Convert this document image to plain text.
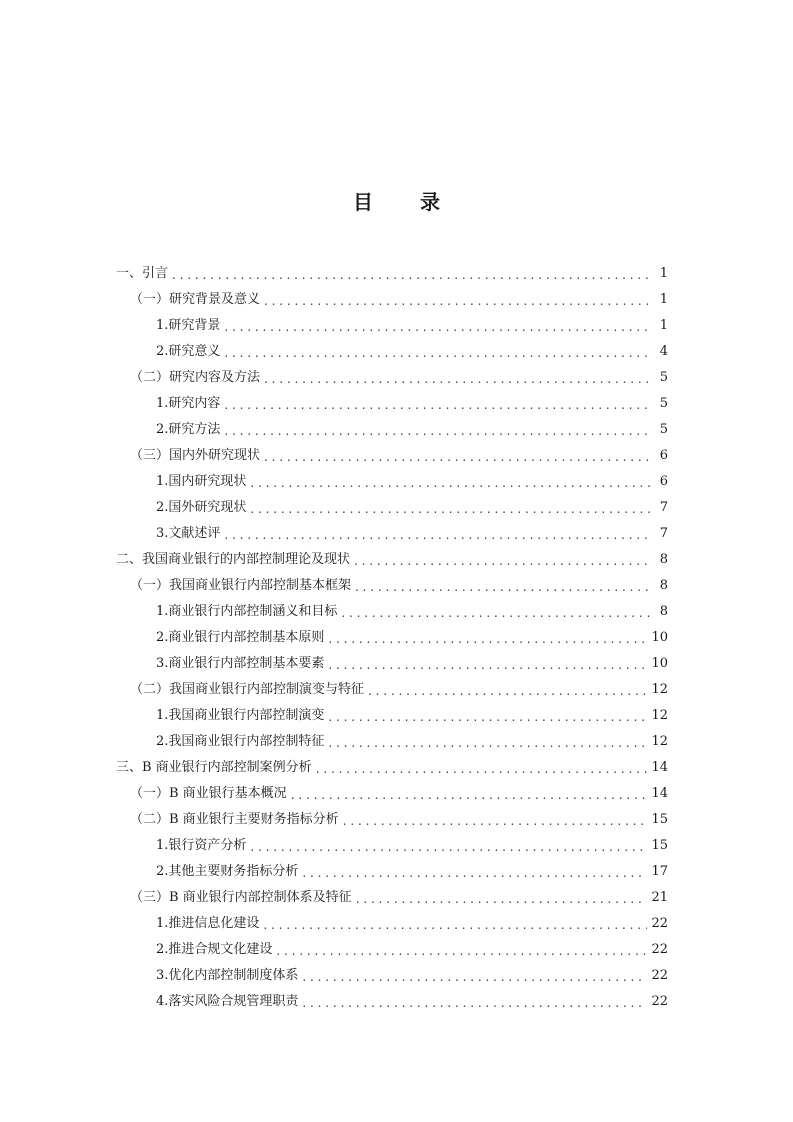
目 录
一、引言 . . .	1
（一）研究背景及意义 . . .	1
1.研究背景 . . .	1
2.研究意义 . . .	4
（二）研究内容及方法 . . .	5
1.研究内容 . . .	5
2.研究方法 . . .	5
（三）国内外研究现状 . . .	6
1.国内研究现状 . . .	6
2.国外研究现状 . . .	7
3.文献述评 . . .	7
二、我国商业银行的内部控制理论及现状 . . .	8
（一）我国商业银行内部控制基本框架 . . .	8
1.商业银行内部控制涵义和目标 . . .	8
2.商业银行内部控制基本原则 . . .	10
3.商业银行内部控制基本要素 . . .	10
（二）我国商业银行内部控制演变与特征 . . .	12
1.我国商业银行内部控制演变 . . .	12
2.我国商业银行内部控制特征 . . .	12
三、B 商业银行内部控制案例分析 . . .	14
（一）B 商业银行基本概况 . . .	14
（二）B 商业银行主要财务指标分析 . . .	15
1.银行资产分析 . . .	15
2.其他主要财务指标分析 . . .	17
（三）B 商业银行内部控制体系及特征 . . .	21
1.推进信息化建设 . . .	22
2.推进合规文化建设 . . .	22
3.优化内部控制制度体系 . . .	22
4.落实风险合规管理职责 . . .	22
